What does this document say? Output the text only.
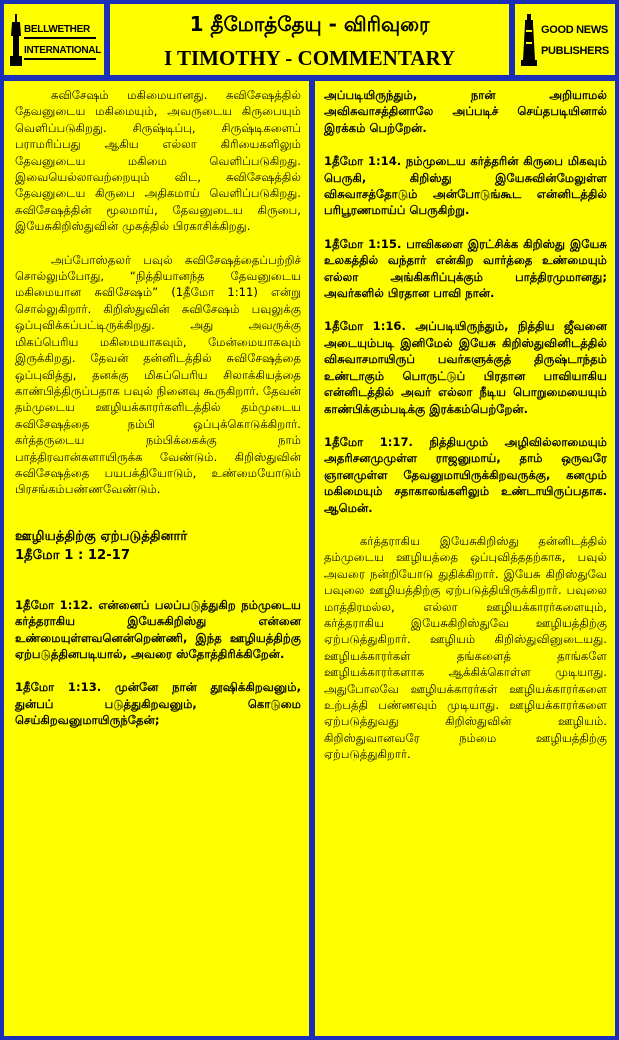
BELLWETHER
INTERNATIONAL
1 தீமோத்தேயு - விரிவுரை
I TIMOTHY - COMMENTARY
GOOD NEWS
PUBLISHERS

சுவிசேஷம் மகிமையானது. சுவிசேஷத்தில் தேவனுடைய மகிமையும், அவருடைய கிருபையும் வெளிப்படுகிறது. சிருஷ்டிப்பு, சிருஷ்டிகளைப் பராமரிப்பது ஆகிய எல்லா கிரியைகளிலும் தேவனுடைய மகிமை வெளிப்படுகிறது. இவையெல்லாவற்றையும் விட, சுவிசேஷத்தில் தேவனுடைய கிருபை அதிகமாய் வெளிப்படுகிறது. சுவிசேஷத்தின் மூலமாய், தேவனுடைய கிருபை, இயேசுகிறிஸ்துவின் முகத்தில் பிரகாசிக்கிறது.

அப்போஸ்தலர் பவுல் சுவிசேஷத்தைப்பற்றிச் சொல்லும்போது, “நித்தியானந்த தேவனுடைய மகிமையான சுவிசேஷம்” (1தீமோ 1:11) என்று சொல்லுகிறார். கிறிஸ்துவின் சுவிசேஷம் பவுலுக்கு ஒப்புவிக்கப்பட்டிருக்கிறது. அது அவருக்கு மிகப்பெரிய மகிமையாகவும், மேன்மையாகவும் இருக்கிறது. தேவன் தன்னிடத்தில் சுவிசேஷத்தை ஒப்புவித்து, தனக்கு மிகப்பெரிய சிலாக்கியத்தை காண்பித்திருப்பதாக பவுல் நினைவு கூருகிறார். தேவன் தம்முடைய ஊழியக்காரர்களிடத்தில் தம்முடைய சுவிசேஷத்தை நம்பி ஒப்புக்கொடுக்கிறார். கர்த்தருடைய நம்பிக்கைக்கு நாம் பாத்திரவான்களாயிருக்க வேண்டும். கிறிஸ்துவின் சுவிசேஷத்தை பயபக்தியோடும், உண்மையோடும் பிரசங்கம்பண்ணவேண்டும்.

ஊழியத்திற்கு ஏற்படுத்தினார்

1தீமோ 1 : 12-17

1தீமோ 1:12. என்னைப் பலப்படுத்துகிற நம்முடைய கர்த்தராகிய இயேசுகிறிஸ்து என்னை உண்மையுள்ளவனென்றெண்ணி, இந்த ஊழியத்திற்கு ஏற்படுத்தினபடியால், அவரை ஸ்தோத்திரிக்கிறேன்.

1தீமோ 1:13. முன்னே நான் தூஷிக்கிறவனும், துன்பப் படுத்துகிறவனும், கொடுமை செய்கிறவனுமாயிருந்தேன்;

அப்படியிருந்தும், நான் அறியாமல் அவிசுவாசத்தினாலே அப்படிச் செய்தபடியினால் இரக்கம் பெற்றேன்.

1தீமோ 1:14. நம்முடைய கர்த்தரின் கிருபை மிகவும் பெருகி, கிறிஸ்து இயேசுவின்மேலுள்ள விசுவாசத்தோடும் அன்போடுங்கூட என்னிடத்தில் பரிபூரணமாய்ப் பெருகிற்று.

1தீமோ 1:15. பாவிகளை இரட்சிக்க கிறிஸ்து இயேசு உலகத்தில் வந்தார் என்கிற வார்த்தை உண்மையும் எல்லா அங்கிகரிப்புக்கும் பாத்திரமுமானது; அவர்களில் பிரதான பாவி நான்.

1தீமோ 1:16. அப்படியிருந்தும், நித்திய ஜீவனை அடையும்படி இனிமேல் இயேசு கிறிஸ்துவினிடத்தில் விசுவாசமாயிருப் பவர்களுக்குத் திருஷ்டாந்தம் உண்டாகும் பொருட்டுப் பிரதான பாவியாகிய என்னிடத்தில் அவர் எல்லா நீடிய பொறுமையையும் காண்பிக்கும்படிக்கு இரக்கம்பெற்றேன்.

1தீமோ 1:17. நித்தியமும் அழிவில்லாமையும் அதரிசனமுமுள்ள ராஜனுமாய், தாம் ஒருவரே ஞானமுள்ள தேவனுமாயிருக்கிறவருக்கு, கனமும் மகிமையும் சதாகாலங்களிலும் உண்டாயிருப்பதாக. ஆமென்.

கர்த்தராகிய இயேசுகிறிஸ்து தன்னிடத்தில் தம்முடைய ஊழியத்தை ஒப்புவித்ததற்காக, பவுல் அவரை நன்றியோடு துதிக்கிறார். இயேசு கிறிஸ்துவே பவுலை ஊழியத்திற்கு ஏற்படுத்தியிருக்கிறார். பவுலை மாத்திரமல்ல, எல்லா ஊழியக்காரர்களையும், கர்த்தராகிய இயேசுகிறிஸ்துவே ஊழியத்திற்கு ஏற்படுத்துகிறார். ஊழியம் கிறிஸ்துவினுடையது. ஊழியக்காரர்கள் தங்களைத் தாங்களே ஊழியக்காரர்களாக ஆக்கிக்கொள்ள முடியாது. அதுபோலவே ஊழியக்காரர்கள் ஊழியக்காரர்களை உற்பத்தி பண்ணவும் முடியாது. ஊழியக்காரர்களை ஏற்படுத்துவது கிறிஸ்துவின் ஊழியம். கிறிஸ்துவானவரே நம்மை ஊழியத்திற்கு ஏற்படுத்துகிறார்.
